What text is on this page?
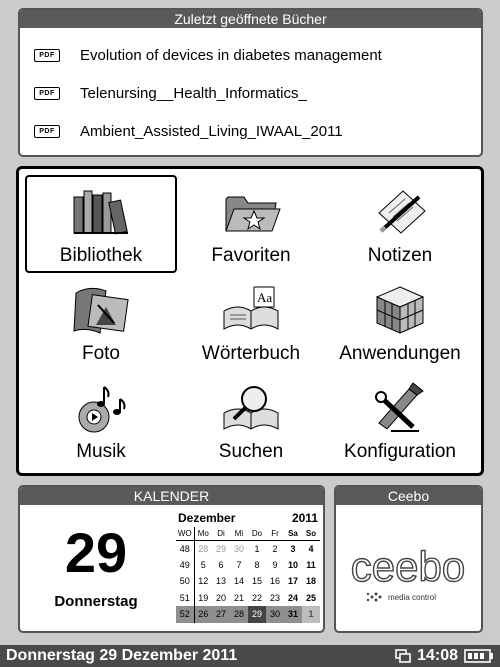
Zuletzt geöffnete Bücher
PDF	Evolution of devices in diabetes management
PDF	Telenursing__Health_Informatics_
PDF	Ambient_Assisted_Living_IWAAL_2011
Bibliothek	Favoriten	Notizen
Foto
Aa
Wörterbuch Anwendungen
Musik	Suchen	Konfiguration
KALENDER
29
Donnerstag
Dezember	2011
WO	Mo	Di	Mi	Do	Fr	Sa	So
48	28	29	30	1	2	3	4
49	5	6	7	8	9	10	11
50	12	13	14	15	16	17	18
51	19	20	21	22	23	24	25
52	26	27	28	29	30	31	1
Ceebo
ceebo
media control
Donnerstag 29 Dezember 2011	14:08
